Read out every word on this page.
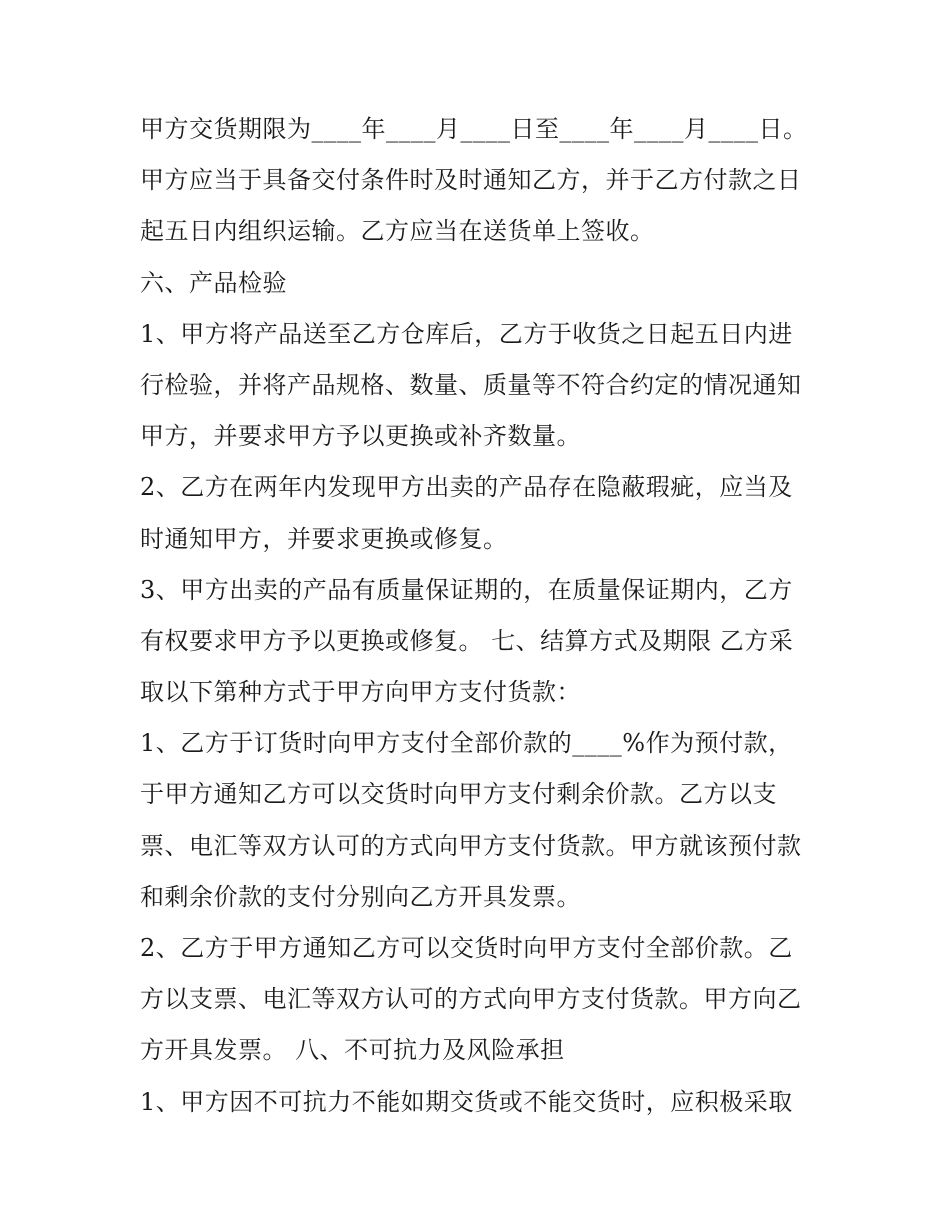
甲方交货期限为____年____月____日至____年____月____日。
甲方应当于具备交付条件时及时通知乙方，并于乙方付款之日
起五日内组织运输。乙方应当在送货单上签收。
六、产品检验
1、甲方将产品送至乙方仓库后，乙方于收货之日起五日内进
行检验，并将产品规格、数量、质量等不符合约定的情况通知
甲方，并要求甲方予以更换或补齐数量。
2、乙方在两年内发现甲方出卖的产品存在隐蔽瑕疵，应当及
时通知甲方，并要求更换或修复。
3、甲方出卖的产品有质量保证期的，在质量保证期内，乙方
有权要求甲方予以更换或修复。 七、结算方式及期限 乙方采
取以下第种方式于甲方向甲方支付货款：
1、乙方于订货时向甲方支付全部价款的____%作为预付款，
于甲方通知乙方可以交货时向甲方支付剩余价款。乙方以支
票、电汇等双方认可的方式向甲方支付货款。甲方就该预付款
和剩余价款的支付分别向乙方开具发票。
2、乙方于甲方通知乙方可以交货时向甲方支付全部价款。乙
方以支票、电汇等双方认可的方式向甲方支付货款。甲方向乙
方开具发票。 八、不可抗力及风险承担
1、甲方因不可抗力不能如期交货或不能交货时，应积极采取
